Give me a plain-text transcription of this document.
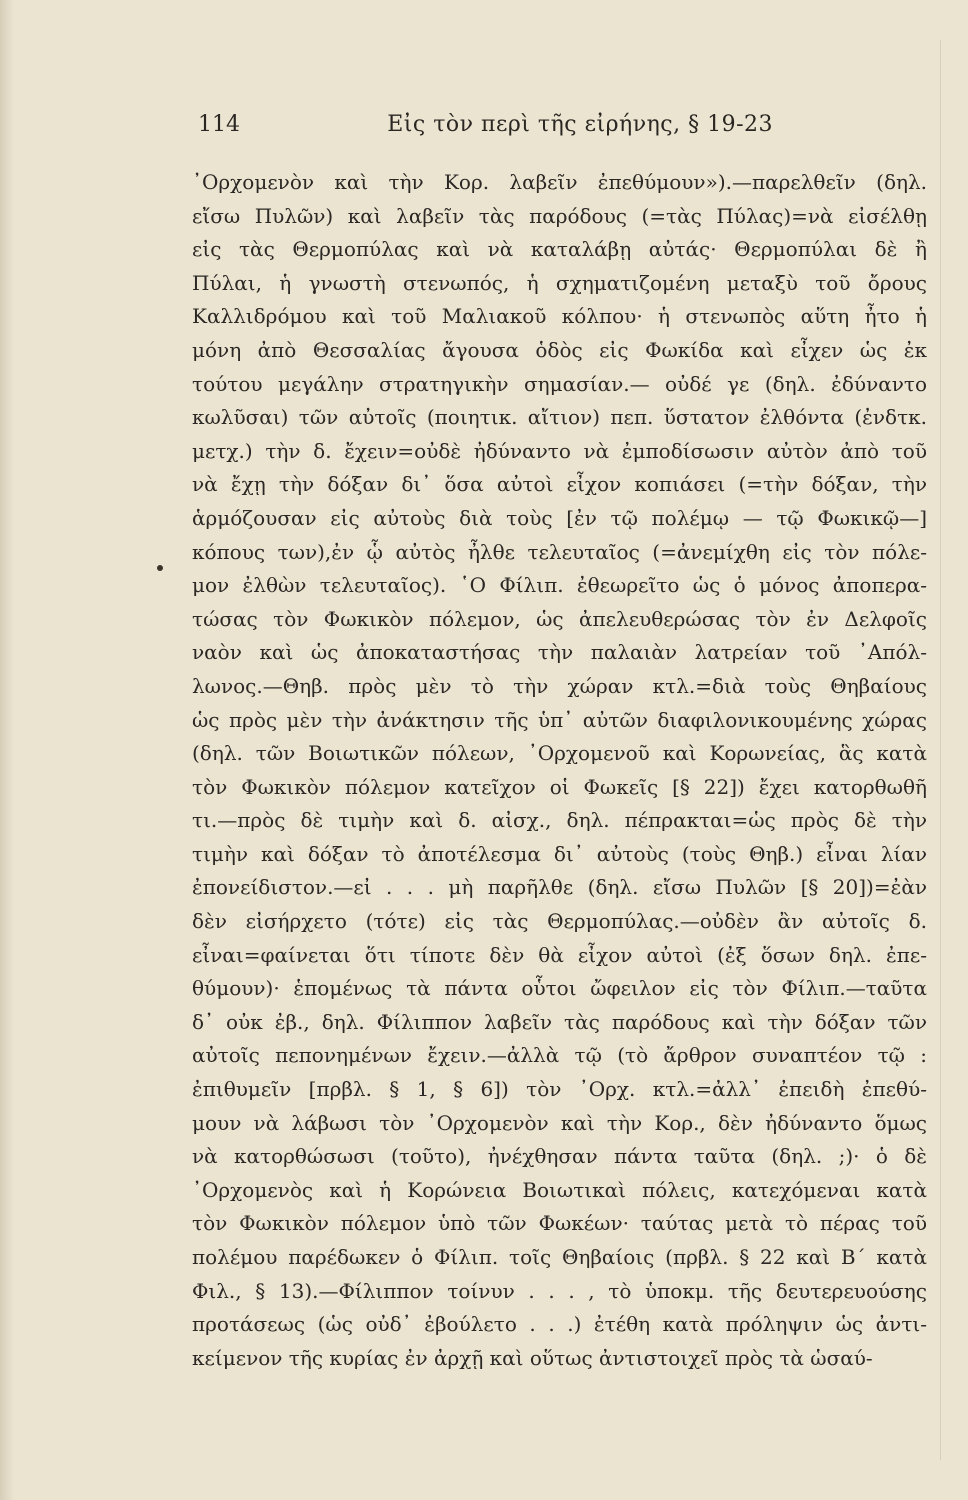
114	Εἰς τὸν περὶ τῆς εἰρήνης, § 19-23
᾿Ορχομενὸν καὶ τὴν Κορ. λαβεῖν ἐπεθύμουν»).—παρελθεῖν (δηλ.
εἴσω Πυλῶν) καὶ λαβεῖν τὰς παρόδους (=τὰς Πύλας)=νὰ εἰσέλθῃ
εἰς τὰς Θερμοπύλας καὶ νὰ καταλάβῃ αὐτάς· Θερμοπύλαι δὲ ἢ
Πύλαι, ἡ γνωστὴ στενωπός, ἡ σχηματιζομένη μεταξὺ τοῦ ὄρους
Καλλιδρόμου καὶ τοῦ Μαλιακοῦ κόλπου· ἡ στενωπὸς αὕτη ἦτο ἡ
μόνη ἀπὸ Θεσσαλίας ἄγουσα ὁδὸς εἰς Φωκίδα καὶ εἶχεν ὡς ἐκ
τούτου μεγάλην στρατηγικὴν σημασίαν.— οὐδέ γε (δηλ. ἐδύναντο
κωλῦσαι) τῶν αὐτοῖς (ποιητικ. αἴτιον) πεπ. ὕστατον ἐλθόντα (ἐνδτκ.
μετχ.) τὴν δ. ἔχειν=οὐδὲ ἠδύναντο νὰ ἐμποδίσωσιν αὐτὸν ἀπὸ τοῦ
νὰ ἔχῃ τὴν δόξαν δι᾿ ὅσα αὐτοὶ εἶχον κοπιάσει (=τὴν δόξαν, τὴν
ἁρμόζουσαν εἰς αὐτοὺς διὰ τοὺς [ἐν τῷ πολέμῳ — τῷ Φωκικῷ—]
κόπους των),ἐν ᾧ αὐτὸς ἦλθε τελευταῖος (=ἀνεμίχθη εἰς τὸν πόλε-
μον ἐλθὼν τελευταῖος). ῾Ο Φίλιπ. ἐθεωρεῖτο ὡς ὁ μόνος ἀποπερα-
τώσας τὸν Φωκικὸν πόλεμον, ὡς ἀπελευθερώσας τὸν ἐν Δελφοῖς
ναὸν καὶ ὡς ἀποκαταστήσας τὴν παλαιὰν λατρείαν τοῦ ᾿Απόλ-
λωνος.—Θηβ. πρὸς μὲν τὸ τὴν χώραν κτλ.=διὰ τοὺς Θηβαίους
ὡς πρὸς μὲν τὴν ἀνάκτησιν τῆς ὑπ᾿ αὐτῶν διαφιλονικουμένης χώρας
(δηλ. τῶν Βοιωτικῶν πόλεων, ᾿Ορχομενοῦ καὶ Κορωνείας, ἃς κατὰ
τὸν Φωκικὸν πόλεμον κατεῖχον οἱ Φωκεῖς [§ 22]) ἔχει κατορθωθῆ
τι.—πρὸς δὲ τιμὴν καὶ δ. αἰσχ., δηλ. πέπρακται=ὡς πρὸς δὲ τὴν
τιμὴν καὶ δόξαν τὸ ἀποτέλεσμα δι᾿ αὐτοὺς (τοὺς Θηβ.) εἶναι λίαν
ἐπονείδιστον.—εἰ . . . μὴ παρῆλθε (δηλ. εἴσω Πυλῶν [§ 20])=ἐὰν
δὲν εἰσήρχετο (τότε) εἰς τὰς Θερμοπύλας.—οὐδὲν ἂν αὐτοῖς δ.
εἶναι=φαίνεται ὅτι τίποτε δὲν θὰ εἶχον αὐτοὶ (ἐξ ὅσων δηλ. ἐπε-
θύμουν)· ἑπομένως τὰ πάντα οὗτοι ὤφειλον εἰς τὸν Φίλιπ.—ταῦτα
δ᾿ οὐκ ἐβ., δηλ. Φίλιππον λαβεῖν τὰς παρόδους καὶ τὴν δόξαν τῶν
αὐτοῖς πεπονημένων ἔχειν.—ἀλλὰ τῷ (τὸ ἄρθρον συναπτέον τῷ :
ἐπιθυμεῖν [πρβλ. § 1, § 6]) τὸν ᾿Ορχ. κτλ.=ἀλλ᾿ ἐπειδὴ ἐπεθύ-
μουν νὰ λάβωσι τὸν ᾿Ορχομενὸν καὶ τὴν Κορ., δὲν ἠδύναντο ὅμως
νὰ κατορθώσωσι (τοῦτο), ἠνέχθησαν πάντα ταῦτα (δηλ. ;)· ὁ δὲ
᾿Ορχομενὸς καὶ ἡ Κορώνεια Βοιωτικαὶ πόλεις, κατεχόμεναι κατὰ
τὸν Φωκικὸν πόλεμον ὑπὸ τῶν Φωκέων· ταύτας μετὰ τὸ πέρας τοῦ
πολέμου παρέδωκεν ὁ Φίλιπ. τοῖς Θηβαίοις (πρβλ. § 22 καὶ Β΄ κατὰ
Φιλ., § 13).—Φίλιππον τοίνυν . . . , τὸ ὑποκμ. τῆς δευτερευούσης
προτάσεως (ὡς οὐδ᾿ ἐβούλετο . . .) ἐτέθη κατὰ πρόληψιν ὡς ἀντι-
κείμενον τῆς κυρίας ἐν ἀρχῇ καὶ οὕτως ἀντιστοιχεῖ πρὸς τὰ ὡσαύ-
